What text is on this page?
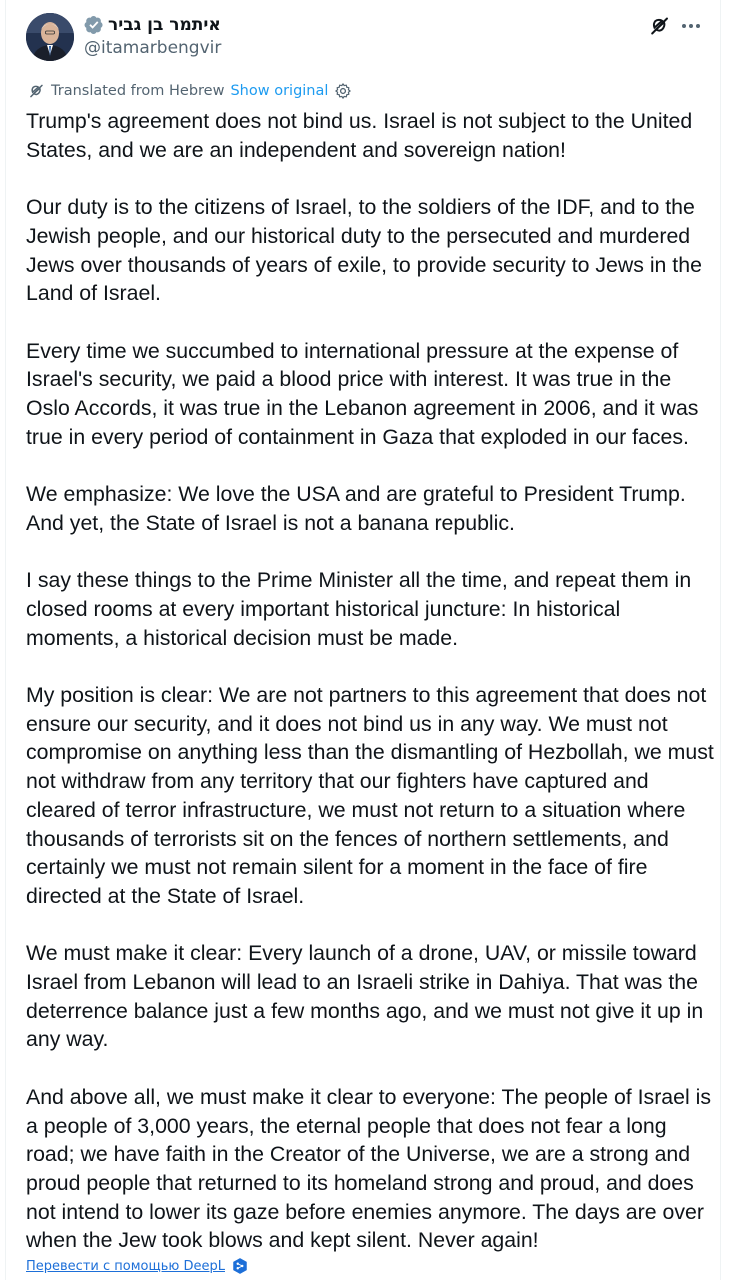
איתמר בן גביר
@itamarbengvir
Translated from Hebrew Show original

Trump's agreement does not bind us. Israel is not subject to the United States, and we are an independent and sovereign nation!

Our duty is to the citizens of Israel, to the soldiers of the IDF, and to the Jewish people, and our historical duty to the persecuted and murdered Jews over thousands of years of exile, to provide security to Jews in the Land of Israel.

Every time we succumbed to international pressure at the expense of Israel's security, we paid a blood price with interest. It was true in the Oslo Accords, it was true in the Lebanon agreement in 2006, and it was true in every period of containment in Gaza that exploded in our faces.

We emphasize: We love the USA and are grateful to President Trump. And yet, the State of Israel is not a banana republic.

I say these things to the Prime Minister all the time, and repeat them in closed rooms at every important historical juncture: In historical moments, a historical decision must be made.

My position is clear: We are not partners to this agreement that does not ensure our security, and it does not bind us in any way. We must not compromise on anything less than the dismantling of Hezbollah, we must not withdraw from any territory that our fighters have captured and cleared of terror infrastructure, we must not return to a situation where thousands of terrorists sit on the fences of northern settlements, and certainly we must not remain silent for a moment in the face of fire directed at the State of Israel.

We must make it clear: Every launch of a drone, UAV, or missile toward Israel from Lebanon will lead to an Israeli strike in Dahiya. That was the deterrence balance just a few months ago, and we must not give it up in any way.

And above all, we must make it clear to everyone: The people of Israel is a people of 3,000 years, the eternal people that does not fear a long road; we have faith in the Creator of the Universe, we are a strong and proud people that returned to its homeland strong and proud, and does not intend to lower its gaze before enemies anymore. The days are over when the Jew took blows and kept silent. Never again!

Перевести с помощью DeepL
